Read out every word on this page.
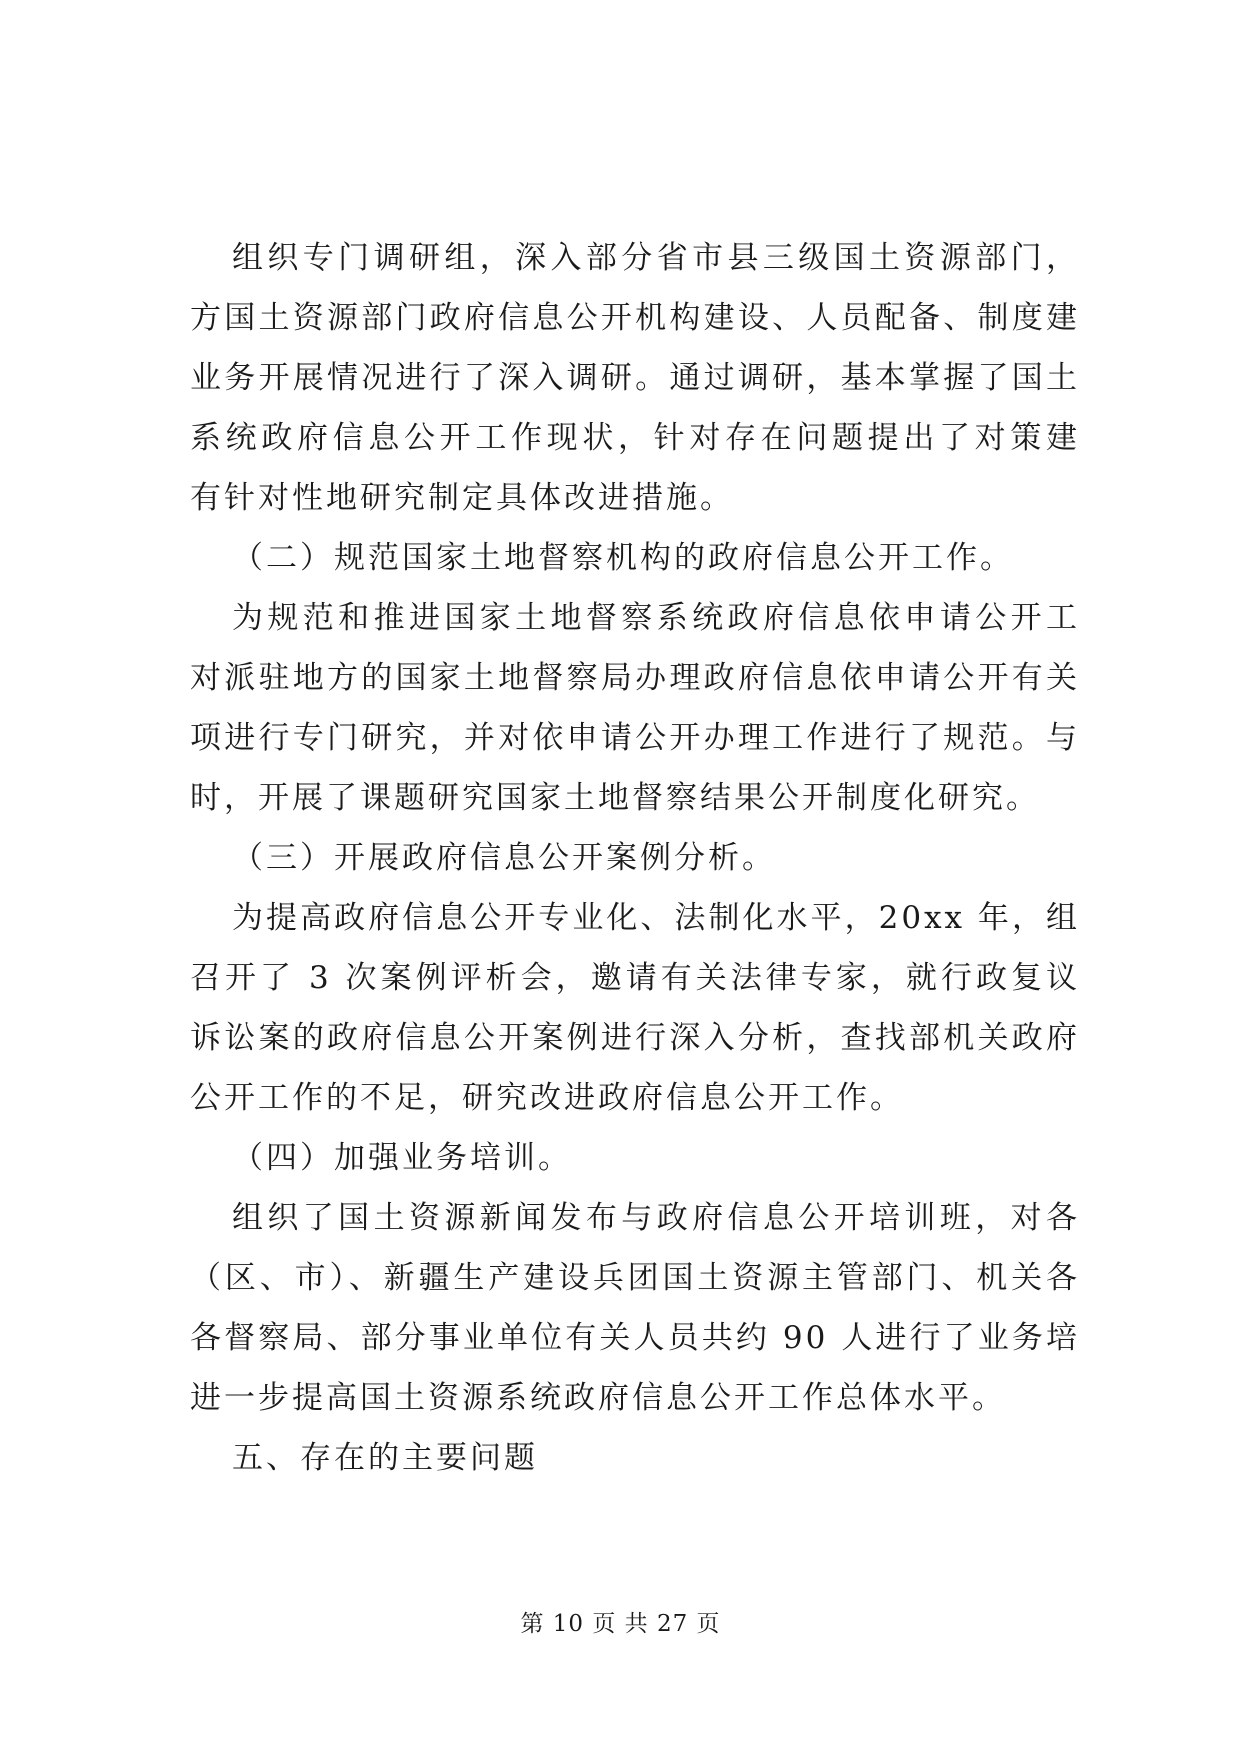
组织专门调研组，深入部分省市县三级国土资源部门，
方国土资源部门政府信息公开机构建设、人员配备、制度建
业务开展情况进行了深入调研。通过调研，基本掌握了国土
系统政府信息公开工作现状，针对存在问题提出了对策建
有针对性地研究制定具体改进措施。
（二）规范国家土地督察机构的政府信息公开工作。
为规范和推进国家土地督察系统政府信息依申请公开工
对派驻地方的国家土地督察局办理政府信息依申请公开有关
项进行专门研究，并对依申请公开办理工作进行了规范。与
时，开展了课题研究国家土地督察结果公开制度化研究。
（三）开展政府信息公开案例分析。
为提高政府信息公开专业化、法制化水平，20xx 年，组
召开了 3 次案例评析会，邀请有关法律专家，就行政复议
诉讼案的政府信息公开案例进行深入分析，查找部机关政府
公开工作的不足，研究改进政府信息公开工作。
（四）加强业务培训。
组织了国土资源新闻发布与政府信息公开培训班，对各
（区、市）、新疆生产建设兵团国土资源主管部门、机关各
各督察局、部分事业单位有关人员共约 90 人进行了业务培
进一步提高国土资源系统政府信息公开工作总体水平。
五、存在的主要问题
第 10 页 共 27 页
